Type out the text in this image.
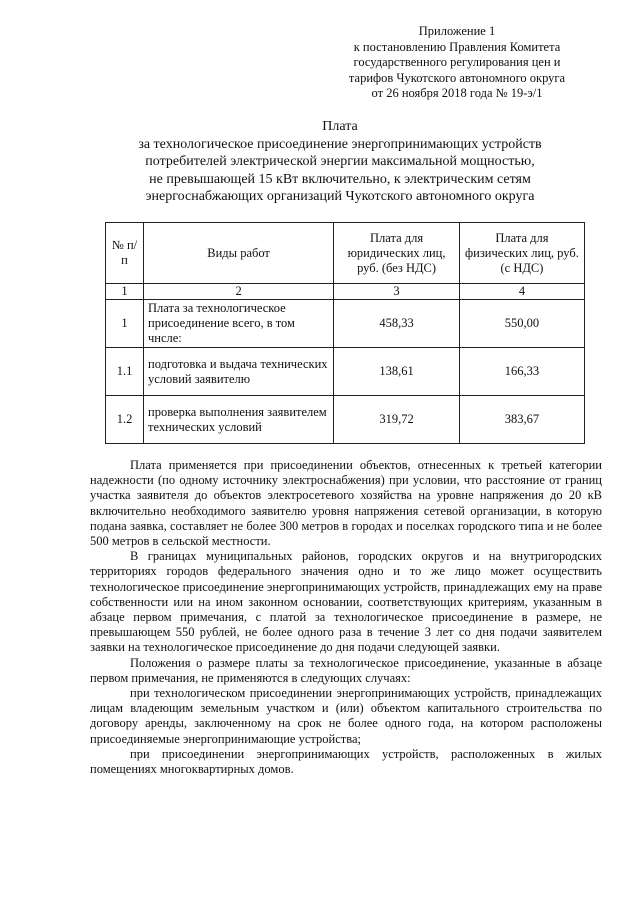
Приложение 1
к постановлению Правления Комитета
государственного регулирования цен и
тарифов Чукотского автономного округа
от 26 ноября 2018 года № 19-э/1
Плата
за технологическое присоединение энергопринимающих устройств
потребителей электрической энергии максимальной мощностью,
не превышающей 15 кВт включительно, к электрическим сетям
энергоснабжающих организаций Чукотского автономного округа
№ п/п	Виды работ	Плата для юридических лиц, руб. (без НДС)	Плата для физических лиц, руб. (с НДС)
1	2	3	4
1	Плата за технологическое присоединение всего, в том чнсле:	458,33	550,00
1.1	подготовка и выдача технических условий заявителю	138,61	166,33
1.2	проверка выполнения заявителем технических условий	319,72	383,67

Плата применяется при присоединении объектов, отнесенных к третьей категории надежности (по одному источнику электроснабжения) при условии, что расстояние от границ участка заявителя до объектов электросетевого хозяйства на уровне напряжения до 20 кВ включительно необходимого заявителю уровня напряжения сетевой организации, в которую подана заявка, составляет не более 300 метров в городах и поселках городского типа и не более 500 метров в сельской местности.

В границах муниципальных районов, городских округов и на внутригородских территориях городов федерального значения одно и то же лицо может осуществить технологическое присоединение энергопринимающих устройств, принадлежащих ему на праве собственности или на ином законном основании, соответствующих критериям, указанным в абзаце первом примечания, с платой за технологическое присоединение в размере, не превышающем 550 рублей, не более одного раза в течение 3 лет со дня подачи заявителем заявки на технологическое присоединение до дня подачи следующей заявки.

Положения о размере платы за технологическое присоединение, указанные в абзаце первом примечания, не применяются в следующих случаях:

при технологическом присоединении энергопринимающих устройств, принадлежащих лицам владеющим земельным участком и (или) объектом капитального строительства по договору аренды, заключенному на срок не более одного года, на котором расположены присоединяемые энергопринимающие устройства;

при присоединении энергопринимающих устройств, расположенных в жилых помещениях многоквартирных домов.
